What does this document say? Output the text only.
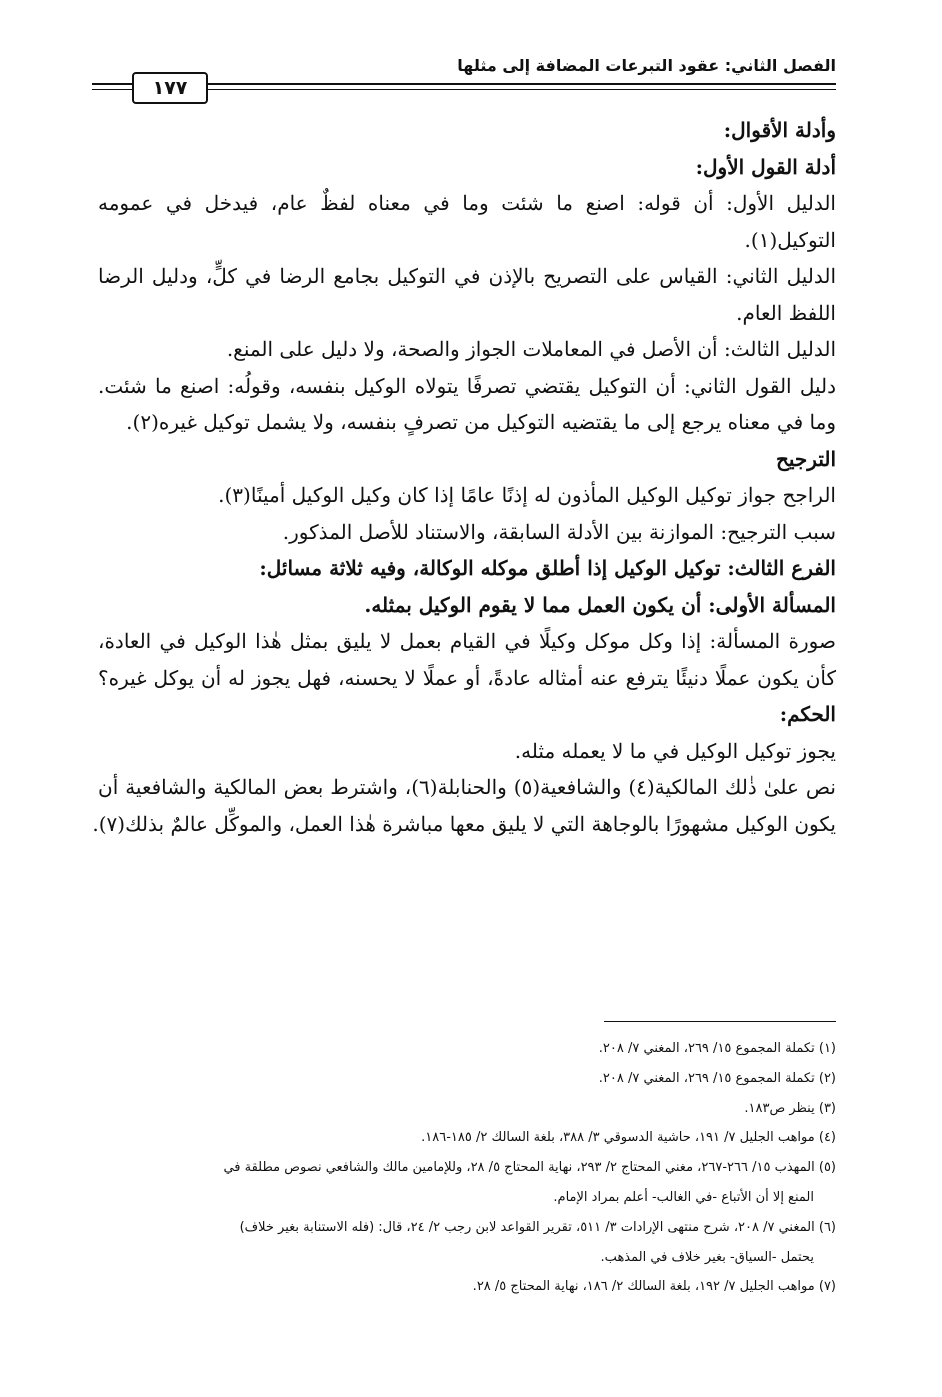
الفصل الثاني: عقود التبرعات المضافة إلى مثلها
١٧٧
وأدلة الأقوال:
أدلة القول الأول:
الدليل الأول: أن قوله: اصنع ما شئت وما في معناه لفظٌ عام، فيدخل في عمومه
التوكيل(١).
الدليل الثاني: القياس على التصريح بالإذن في التوكيل بجامع الرضا في كلٍّ، ودليل الرضا
اللفظ العام.
الدليل الثالث: أن الأصل في المعاملات الجواز والصحة، ولا دليل على المنع.
دليل القول الثاني: أن التوكيل يقتضي تصرفًا يتولاه الوكيل بنفسه، وقولُه: اصنع ما شئت.
وما في معناه يرجع إلى ما يقتضيه التوكيل من تصرفٍ بنفسه، ولا يشمل توكيل غيره(٢).
الترجيح
الراجح جواز توكيل الوكيل المأذون له إذنًا عامًا إذا كان وكيل الوكيل أمينًا(٣).
سبب الترجيح: الموازنة بين الأدلة السابقة، والاستناد للأصل المذكور.
الفرع الثالث: توكيل الوكيل إذا أطلق موكله الوكالة، وفيه ثلاثة مسائل:
المسألة الأولى: أن يكون العمل مما لا يقوم الوكيل بمثله.
صورة المسألة: إذا وكل موكل وكيلًا في القيام بعمل لا يليق بمثل هٰذا الوكيل في العادة،
كأن يكون عملًا دنيئًا يترفع عنه أمثاله عادةً، أو عملًا لا يحسنه، فهل يجوز له أن يوكل غيره؟
الحكم:
يجوز توكيل الوكيل في ما لا يعمله مثله.
نص علىٰ ذٰلك المالكية(٤) والشافعية(٥) والحنابلة(٦)، واشترط بعض المالكية والشافعية أن
يكون الوكيل مشهورًا بالوجاهة التي لا يليق معها مباشرة هٰذا العمل، والموكِّل عالمٌ بذلك(٧).
(١) تكملة المجموع ١٥/ ٢٦٩، المغني ٧/ ٢٠٨.
(٢) تكملة المجموع ١٥/ ٢٦٩، المغني ٧/ ٢٠٨.
(٣) ينظر ص١٨٣.
(٤) مواهب الجليل ٧/ ١٩١، حاشية الدسوقي ٣/ ٣٨٨، بلغة السالك ٢/ ١٨٥-١٨٦.
(٥) المهذب ١٥/ ٢٦٦-٢٦٧، مغني المحتاج ٢/ ٢٩٣، نهاية المحتاج ٥/ ٢٨، وللإمامين مالك والشافعي نصوص مطلقة في
المنع إلا أن الأتباع -في الغالب- أعلم بمراد الإمام.
(٦) المغني ٧/ ٢٠٨، شرح منتهى الإرادات ٣/ ٥١١، تقرير القواعد لابن رجب ٢/ ٢٤، قال: (فله الاستنابة بغير خلاف)
يحتمل -السياق- بغير خلاف في المذهب.
(٧) مواهب الجليل ٧/ ١٩٢، بلغة السالك ٢/ ١٨٦، نهاية المحتاج ٥/ ٢٨.
